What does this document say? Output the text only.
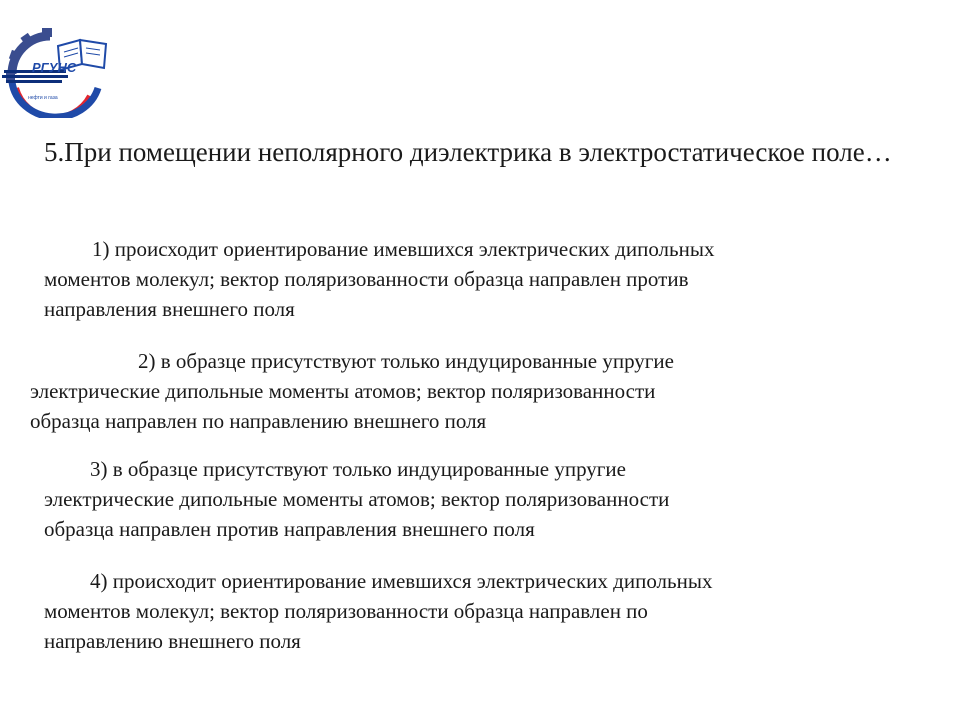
РГУНС
нефти и газа
5.При помещении неполярного диэлектрика в электростатическое поле…

1) происходит ориентирование имевшихся электрических дипольных
моментов молекул; вектор поляризованности образца направлен против
направления внешнего поля

2) в образце присутствуют только индуцированные упругие
электрические дипольные моменты атомов; вектор поляризованности
образца направлен по направлению внешнего поля

3) в образце присутствуют только индуцированные упругие
электрические дипольные моменты атомов; вектор поляризованности
образца направлен против направления внешнего поля

4) происходит ориентирование имевшихся электрических дипольных
моментов молекул; вектор поляризованности образца направлен по
направлению внешнего поля
